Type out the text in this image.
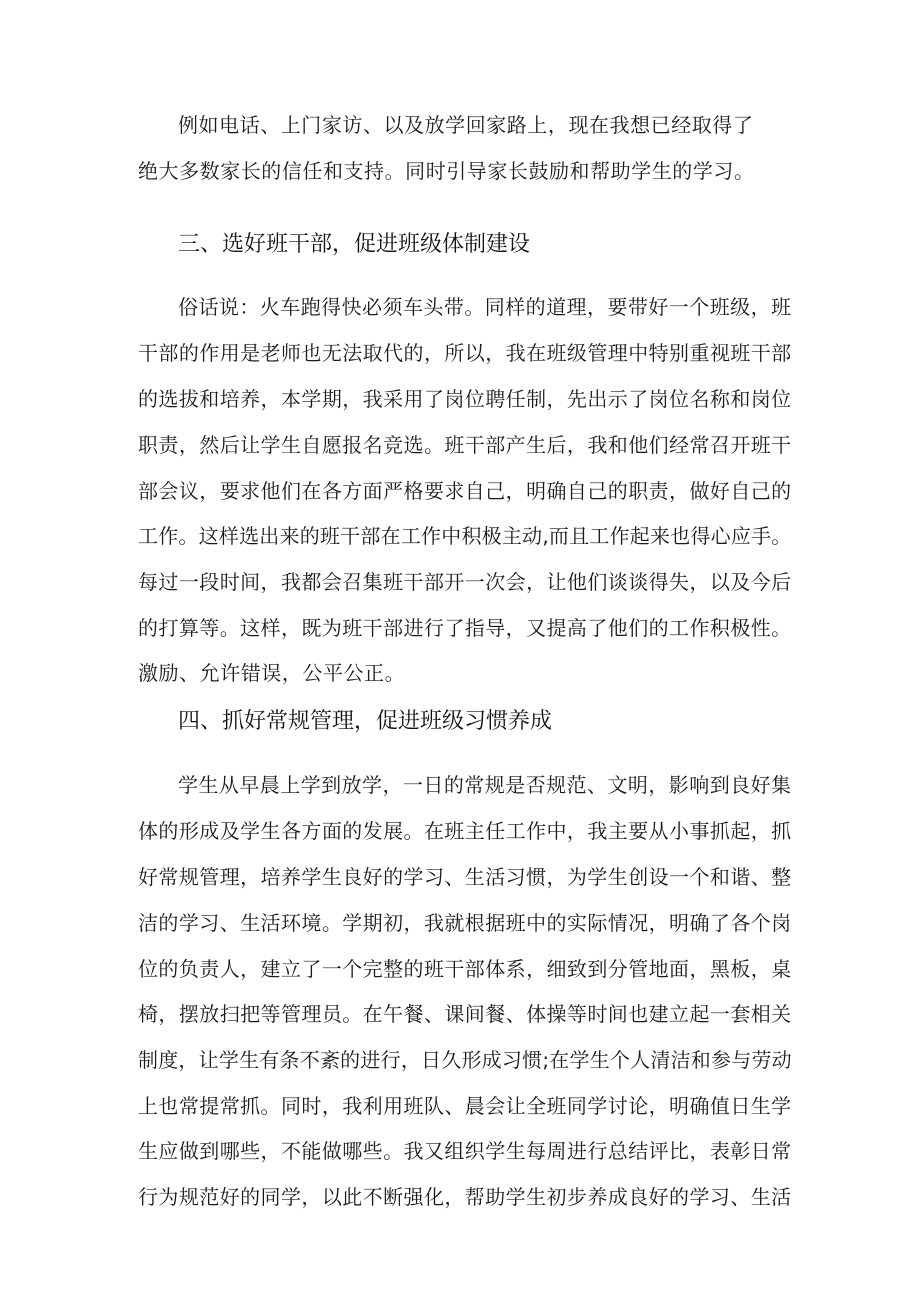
例如电话、上门家访、以及放学回家路上，现在我想已经取得了
绝大多数家长的信任和支持。同时引导家长鼓励和帮助学生的学习。
三、选好班干部，促进班级体制建设
俗话说：火车跑得快必须车头带。同样的道理，要带好一个班级，班
干部的作用是老师也无法取代的，所以，我在班级管理中特别重视班干部
的选拔和培养，本学期，我采用了岗位聘任制，先出示了岗位名称和岗位
职责，然后让学生自愿报名竞选。班干部产生后，我和他们经常召开班干
部会议，要求他们在各方面严格要求自己，明确自己的职责，做好自己的
工作。这样选出来的班干部在工作中积极主动,而且工作起来也得心应手。
每过一段时间，我都会召集班干部开一次会，让他们谈谈得失，以及今后
的打算等。这样，既为班干部进行了指导，又提高了他们的工作积极性。
激励、允许错误，公平公正。
四、抓好常规管理，促进班级习惯养成
学生从早晨上学到放学，一日的常规是否规范、文明，影响到良好集
体的形成及学生各方面的发展。在班主任工作中，我主要从小事抓起，抓
好常规管理，培养学生良好的学习、生活习惯，为学生创设一个和谐、整
洁的学习、生活环境。学期初，我就根据班中的实际情况，明确了各个岗
位的负责人，建立了一个完整的班干部体系，细致到分管地面，黑板，桌
椅，摆放扫把等管理员。在午餐、课间餐、体操等时间也建立起一套相关
制度，让学生有条不紊的进行，日久形成习惯;在学生个人清洁和参与劳动
上也常提常抓。同时，我利用班队、晨会让全班同学讨论，明确值日生学
生应做到哪些，不能做哪些。我又组织学生每周进行总结评比，表彰日常
行为规范好的同学，以此不断强化，帮助学生初步养成良好的学习、生活
